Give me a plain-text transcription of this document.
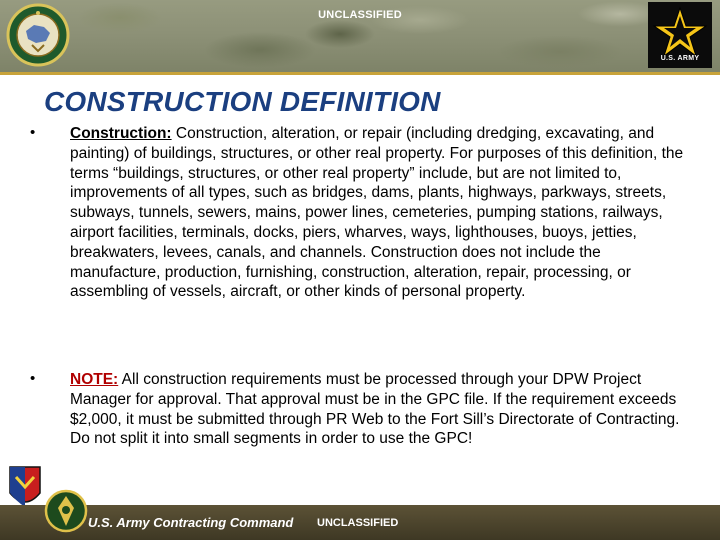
UNCLASSIFIED
U.S. ARMY
CONSTRUCTION DEFINITION
• Construction: Construction, alteration, or repair (including dredging, excavating, and painting) of buildings, structures, or other real property. For purposes of this definition, the terms “buildings, structures, or other real property” include, but are not limited to, improvements of all types, such as bridges, dams, plants, highways, parkways, streets, subways, tunnels, sewers, mains, power lines, cemeteries, pumping stations, railways, airport facilities, terminals, docks, piers, wharves, ways, lighthouses, buoys, jetties, breakwaters, levees, canals, and channels. Construction does not include the manufacture, production, furnishing, construction, alteration, repair, processing, or assembling of vessels, aircraft, or other kinds of personal property.
• NOTE: All construction requirements must be processed through your DPW Project Manager for approval. That approval must be in the GPC file. If the requirement exceeds $2,000, it must be submitted through PR Web to the Fort Sill’s Directorate of Contracting. Do not split it into small segments in order to use the GPC!
U.S. Army Contracting Command UNCLASSIFIED
